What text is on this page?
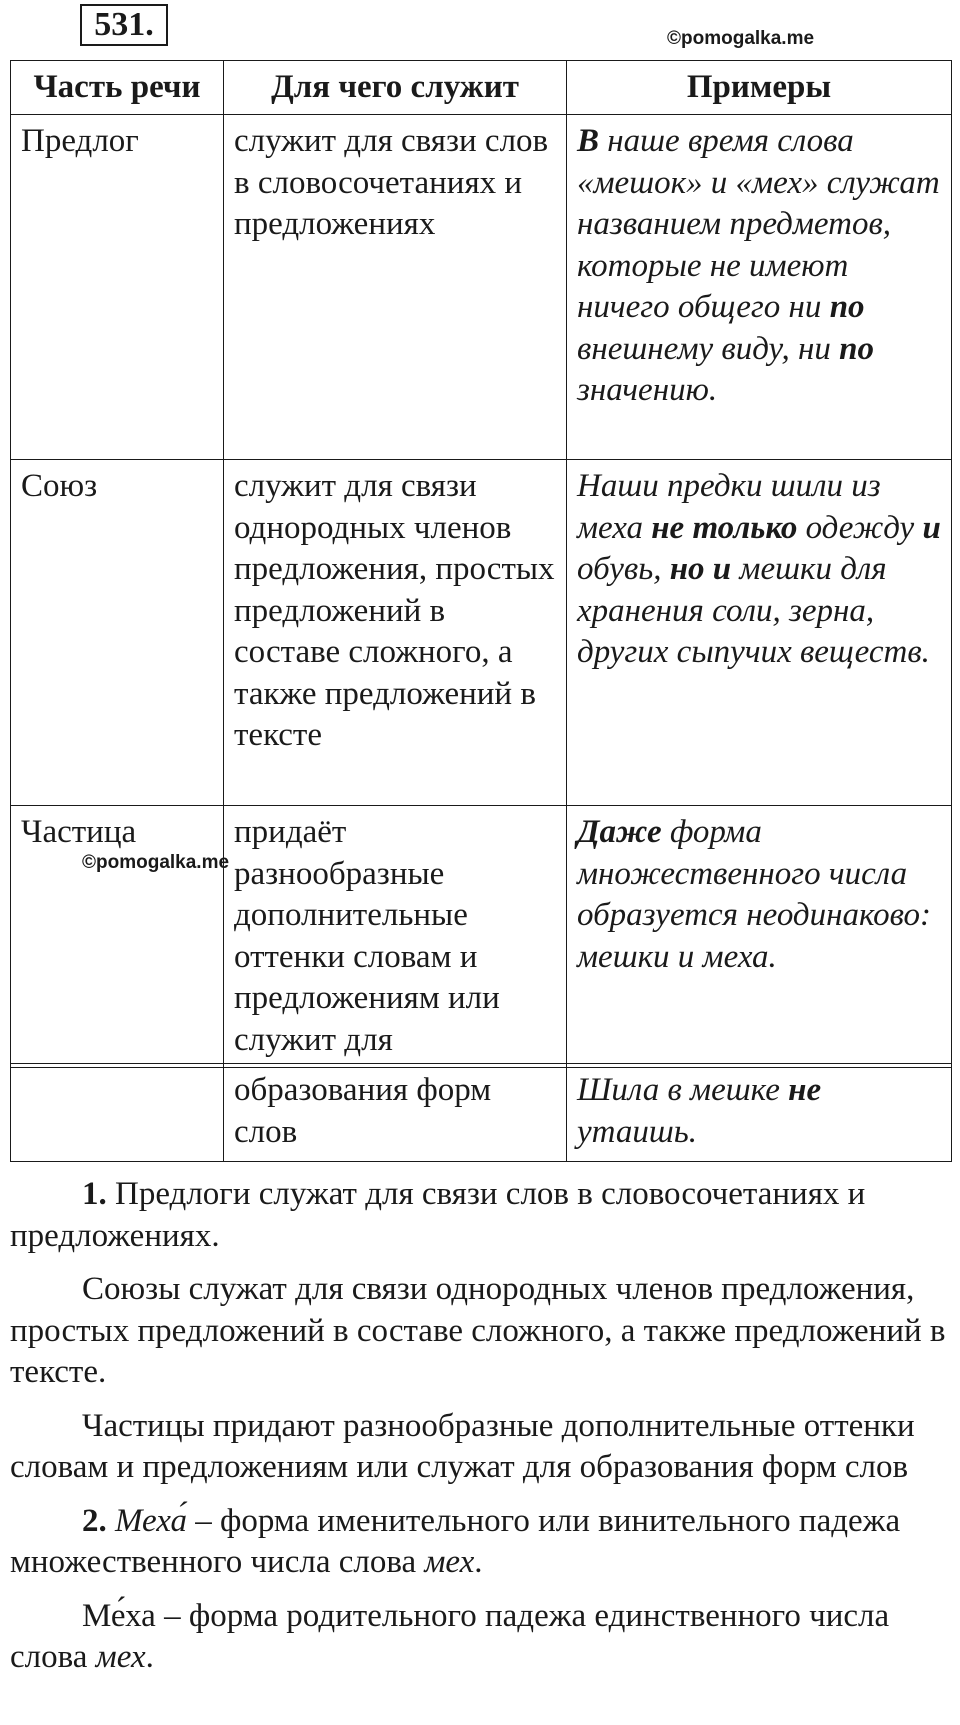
531.	©pomogalka.me
Часть речи	Для чего служит	Примеры
Предлог	служит для связи слов в словосочетаниях и предложениях	В наше время слова «мешок» и «мех» служат названием предметов, которые не имеют ничего общего ни по внешнему виду, ни по значению.
Союз	служит для связи однородных членов предложения, простых предложений в составе сложного, а также предложений в тексте	Наши предки шили из меха не только одежду и обувь, но и мешки для хранения соли, зерна, других сыпучих веществ.
Частица	придаёт разнообразные дополнительные оттенки словам и предложениям или служит для	Даже форма множественного числа образуется неодинаково: мешки и меха.
©pomogalka.me
	образования форм слов	Шила в мешке не утаишь.

1. Предлоги служат для связи слов в словосочетаниях и предложениях.

Союзы служат для связи однородных членов предложения, простых предложений в составе сложного, а также предложений в тексте.

Частицы придают разнообразные дополнительные оттенки словам и предложениям или служат для образования форм слов

2. Меха́ – форма именительного или винительного падежа множественного числа слова мех.

Ме́ха – форма родительного падежа единственного числа слова мех.
